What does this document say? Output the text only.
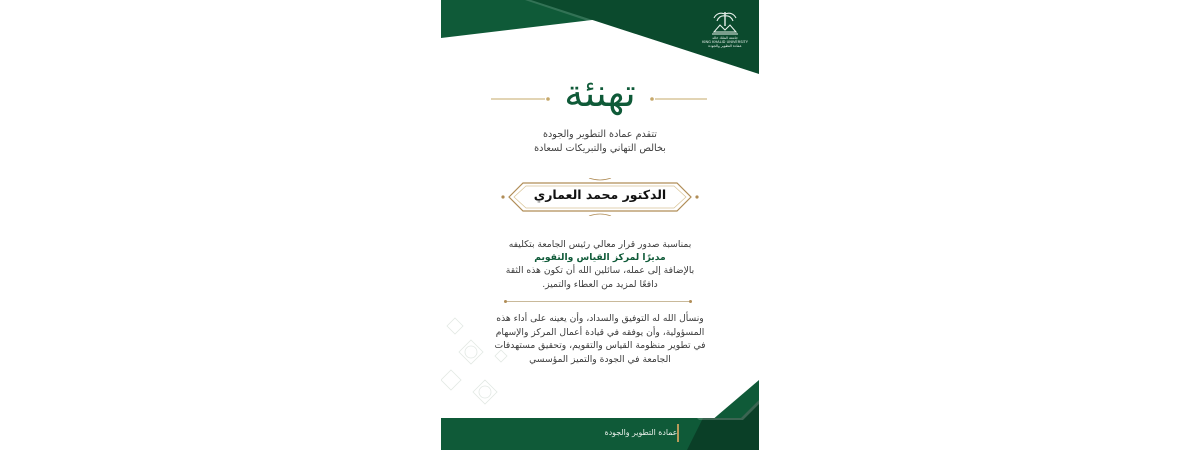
جامعة الملك خالد
KING KHALID UNIVERSITY
عمادة التطوير والجودة
تهنئة
تتقدم عمادة التطوير والجودة
بخالص التهاني والتبريكات لسعادة
الدكتور محمد العماري
بمناسبة صدور قرار معالي رئيس الجامعة بتكليفه
مديرًا لمركز القياس والتقويم
بالإضافة إلى عمله، سائلين الله أن تكون هذه الثقة
دافعًا لمزيد من العطاء والتميز.
ونسأل الله له التوفيق والسداد، وأن يعينه على أداء هذه
المسؤولية، وأن يوفقه في قيادة أعمال المركز والإسهام
في تطوير منظومة القياس والتقويم، وتحقيق مستهدفات
الجامعة في الجودة والتميز المؤسسي
عمادة التطوير والجودة
